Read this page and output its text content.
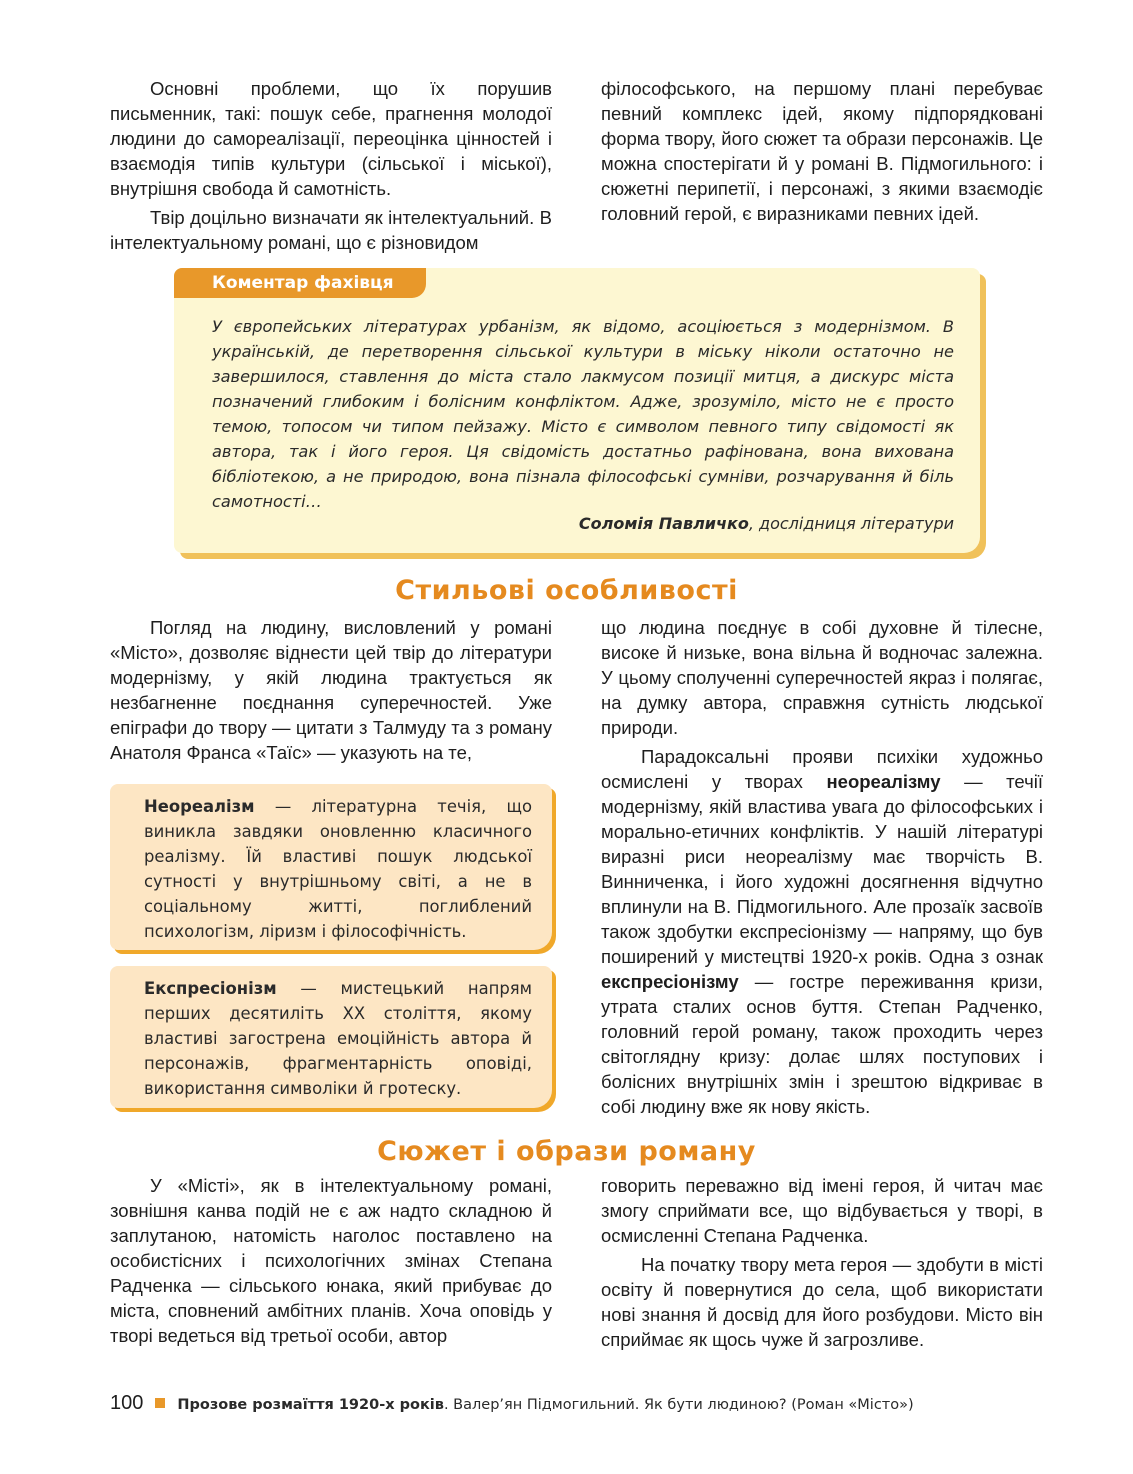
Основні проблеми, що їх порушив письменник, такі: пошук себе, прагнення молодої людини до самореалізації, переоцінка цінностей і взаємодія типів культури (сільської і міської), внутрішня свобода й самотність.

Твір доцільно визначати як інтелектуальний. В інтелектуальному романі, що є різновидом

філософського, на першому плані перебуває певний комплекс ідей, якому підпорядковані форма твору, його сюжет та образи персонажів. Це можна спостерігати й у романі В. Підмогильного: і сюжетні перипетії, і персонажі, з якими взаємодіє головний герой, є виразниками певних ідей.

Коментар фахівця

У європейських літературах урбанізм, як відомо, асоціюється з модернізмом. В українській, де перетворення сільської культури в міську ніколи остаточно не завершилося, ставлення до міста стало лакмусом позиції митця, а дискурс міста позначений глибоким і болісним конфліктом. Адже, зрозуміло, місто не є просто темою, топосом чи типом пейзажу. Місто є символом певного типу свідомості як автора, так і його героя. Ця свідомість достатньо рафінована, вона вихована бібліотекою, а не природою, вона пізнала філософські сумніви, розчарування й біль самотності…

Соломія Павличко, дослідниця літератури
Стильові особливості

Погляд на людину, висловлений у романі «Місто», дозволяє віднести цей твір до літератури модернізму, у якій людина трактується як незбагненне поєднання суперечностей. Уже епіграфи до твору — цитати з Талмуду та з роману Анатоля Франса «Таїс» — указують на те,

Неореалізм — літературна течія, що виникла завдяки оновленню класичного реалізму. Їй властиві пошук людської сутності у внутрішньому світі, а не в соціальному житті, поглиблений психологізм, ліризм і філософічність.

Експресіонізм — мистецький напрям перших десятиліть ХХ століття, якому властиві загострена емоційність автора й персонажів, фрагментарність оповіді, використання символіки й гротеску.

що людина поєднує в собі духовне й тілесне, високе й низьке, вона вільна й водночас залежна. У цьому сполученні суперечностей якраз і полягає, на думку автора, справжня сутність людської природи.

Парадоксальні прояви психіки художньо осмислені у творах неореалізму — течії модернізму, якій властива увага до філософських і морально-етичних конфліктів. У нашій літературі виразні риси неореалізму має творчість В. Винниченка, і його художні досягнення відчутно вплинули на В. Підмогильного. Але прозаїк засвоїв також здобутки експресіонізму — напряму, що був поширений у мистецтві 1920-х років. Одна з ознак експресіонізму — гостре переживання кризи, утрата сталих основ буття. Степан Радченко, головний герой роману, також проходить через світоглядну кризу: долає шлях поступових і болісних внутрішніх змін і зрештою відкриває в собі людину вже як нову якість.

Сюжет і образи роману

У «Місті», як в інтелектуальному романі, зовнішня канва подій не є аж надто складною й заплутаною, натомість наголос поставлено на особистісних і психологічних змінах Степана Радченка — сільського юнака, який прибуває до міста, сповнений амбітних планів. Хоча оповідь у творі ведеться від третьої особи, автор

говорить переважно від імені героя, й читач має змогу сприймати все, що відбувається у творі, в осмисленні Степана Радченка.

На початку твору мета героя — здобути в місті освіту й повернутися до села, щоб використати нові знання й досвід для його розбудови. Місто він сприймає як щось чуже й загрозливе.

100 Прозове розмаїття 1920-х років. Валер’ян Підмогильний. Як бути людиною? (Роман «Місто»)
